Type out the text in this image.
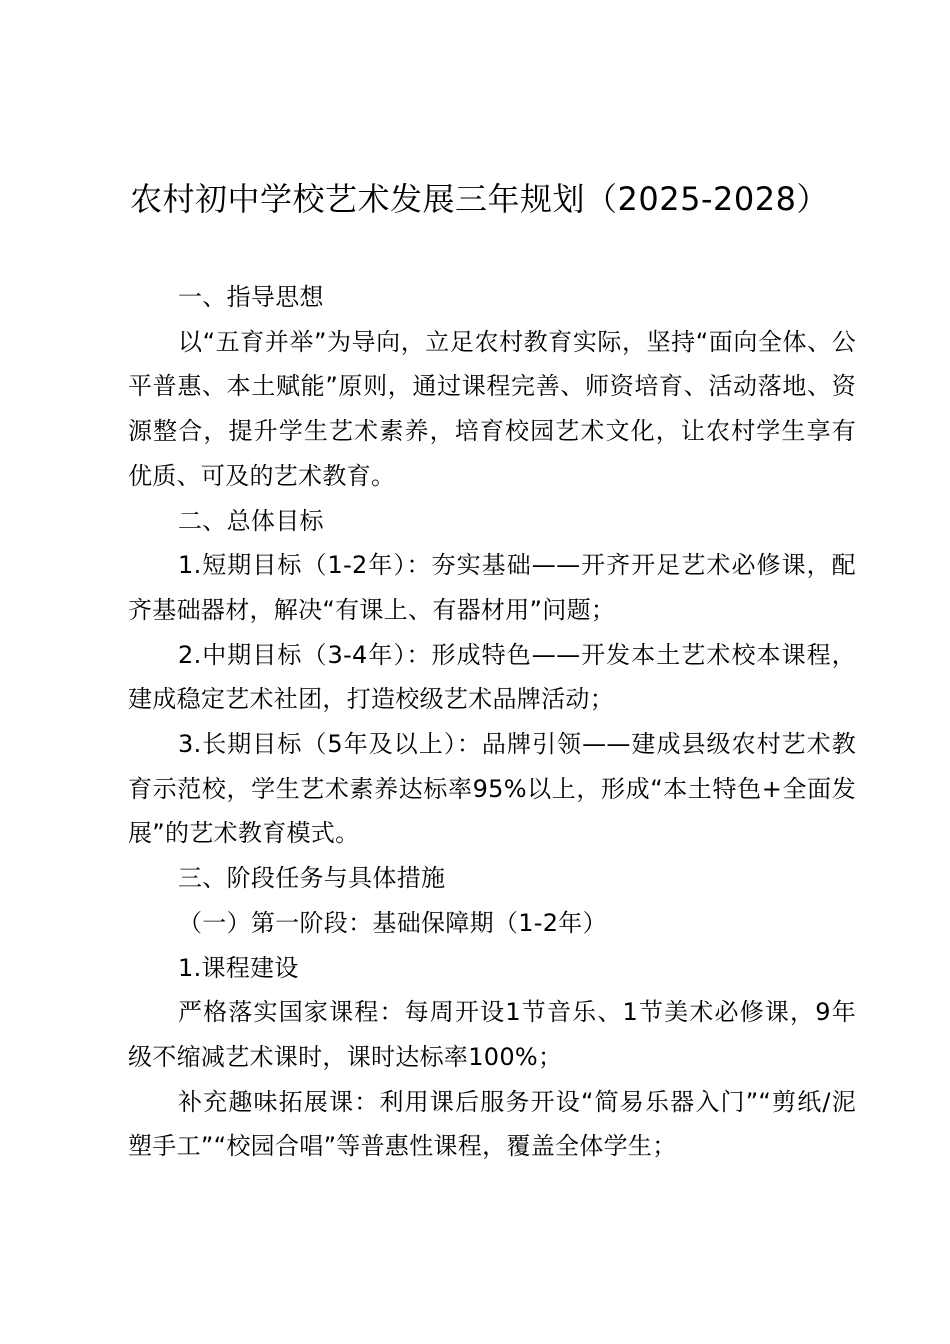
农村初中学校艺术发展三年规划（2025-2028）

一、指导思想

以“五育并举”为导向，立足农村教育实际，坚持“面向全体、公平普惠、本土赋能”原则，通过课程完善、师资培育、活动落地、资源整合，提升学生艺术素养，培育校园艺术文化，让农村学生享有优质、可及的艺术教育。

二、总体目标

1.短期目标（1-2年）：夯实基础——开齐开足艺术必修课，配齐基础器材，解决“有课上、有器材用”问题；

2.中期目标（3-4年）：形成特色——开发本土艺术校本课程，建成稳定艺术社团，打造校级艺术品牌活动；

3.长期目标（5年及以上）：品牌引领——建成县级农村艺术教育示范校，学生艺术素养达标率95%以上，形成“本土特色+全面发展”的艺术教育模式。

三、阶段任务与具体措施

（一）第一阶段：基础保障期（1-2年）

1.课程建设

严格落实国家课程：每周开设1节音乐、1节美术必修课，9年级不缩减艺术课时，课时达标率100%；

补充趣味拓展课：利用课后服务开设“简易乐器入门”“剪纸/泥塑手工”“校园合唱”等普惠性课程，覆盖全体学生；
